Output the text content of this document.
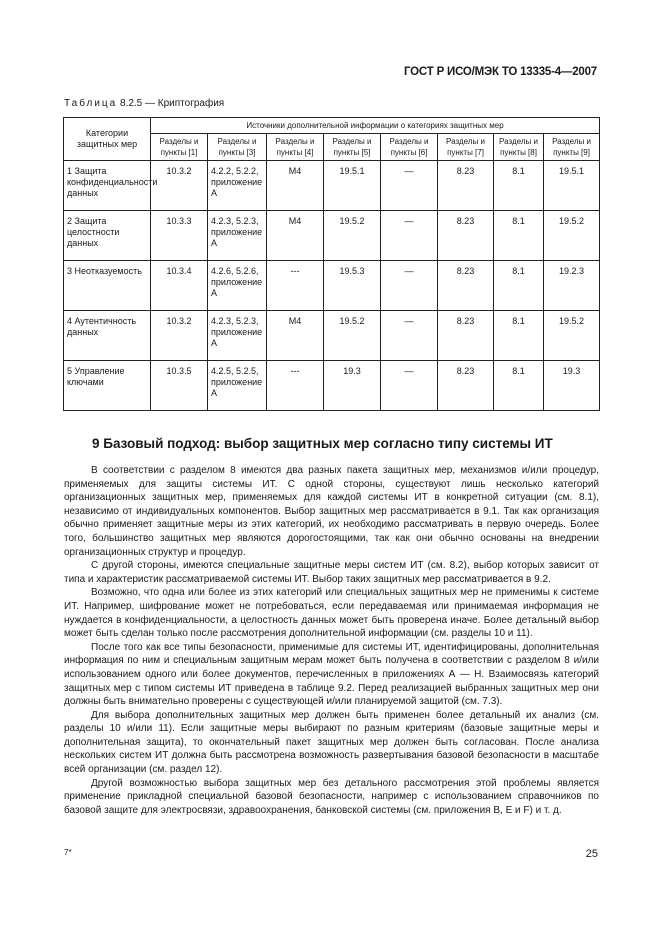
ГОСТ Р ИСО/МЭК ТО 13335-4—2007
Таблица 8.2.5 — Криптография
Категории защитных мер	Источники дополнительной информации о категориях защитных мер							
	Разделы и пункты [1]	Разделы и пункты [3]	Разделы и пункты [4]	Разделы и пункты [5]	Разделы и пункты [6]	Разделы и пункты [7]	Разделы и пункты [8]	Разделы и пункты [9]
1 Защита конфиденциальности данных	10.3.2	4.2.2, 5.2.2, приложение А	М4	19.5.1	—	8.23	8.1	19.5.1
2 Защита целостности данных	10.3.3	4.2.3, 5.2.3, приложение А	М4	19.5.2	—	8.23	8.1	19.5.2
3 Неотказуемость	10.3.4	4.2.6, 5.2.6, приложение А	---	19.5.3	—	8.23	8.1	19.2.3
4 Аутентичность данных	10.3.2	4.2.3, 5.2.3, приложение А	М4	19.5.2	—	8.23	8.1	19.5.2
5 Управление ключами	10.3.5	4.2.5, 5.2.5, приложение А	---	19.3	—	8.23	8.1	19.3
9 Базовый подход: выбор защитных мер согласно типу системы ИТ

В соответствии с разделом 8 имеются два разных пакета защитных мер, механизмов и/или процедур, применяемых для защиты системы ИТ. С одной стороны, существуют лишь несколько категорий организационных защитных мер, применяемых для каждой системы ИТ в конкретной ситуации (см. 8.1), независимо от индивидуальных компонентов. Выбор защитных мер рассматривается в 9.1. Так как организация обычно применяет защитные меры из этих категорий, их необходимо рассматривать в первую очередь. Более того, большинство защитных мер являются дорогостоящими, так как они обычно основаны на внедрении организационных структур и процедур.

С другой стороны, имеются специальные защитные меры систем ИТ (см. 8.2), выбор которых зависит от типа и характеристик рассматриваемой системы ИТ. Выбор таких защитных мер рассматривается в 9.2.

Возможно, что одна или более из этих категорий или специальных защитных мер не применимы к системе ИТ. Например, шифрование может не потребоваться, если передаваемая или принимаемая информация не нуждается в конфиденциальности, а целостность данных может быть проверена иначе. Более детальный выбор может быть сделан только после рассмотрения дополнительной информации (см. разделы 10 и 11).

После того как все типы безопасности, применимые для системы ИТ, идентифицированы, дополнительная информация по ним и специальным защитным мерам может быть получена в соответствии с разделом 8 и/или использованием одного или более документов, перечисленных в приложениях А — Н. Взаимосвязь категорий защитных мер с типом системы ИТ приведена в таблице 9.2. Перед реализацией выбранных защитных мер они должны быть внимательно проверены с существующей и/или планируемой защитой (см. 7.3).

Для выбора дополнительных защитных мер должен быть применен более детальный их анализ (см. разделы 10 и/или 11). Если защитные меры выбирают по разным критериям (базовые защитные меры и дополнительная защита), то окончательный пакет защитных мер должен быть согласован. После анализа нескольких систем ИТ должна быть рассмотрена возможность развертывания базовой безопасности в масштабе всей организации (см. раздел 12).

Другой возможностью выбора защитных мер без детального рассмотрения этой проблемы является применение прикладной специальной базовой безопасности, например с использованием справочников по базовой защите для электросвязи, здравоохранения, банковской системы (см. приложения В, Е и F) и т. д.

7*	25
